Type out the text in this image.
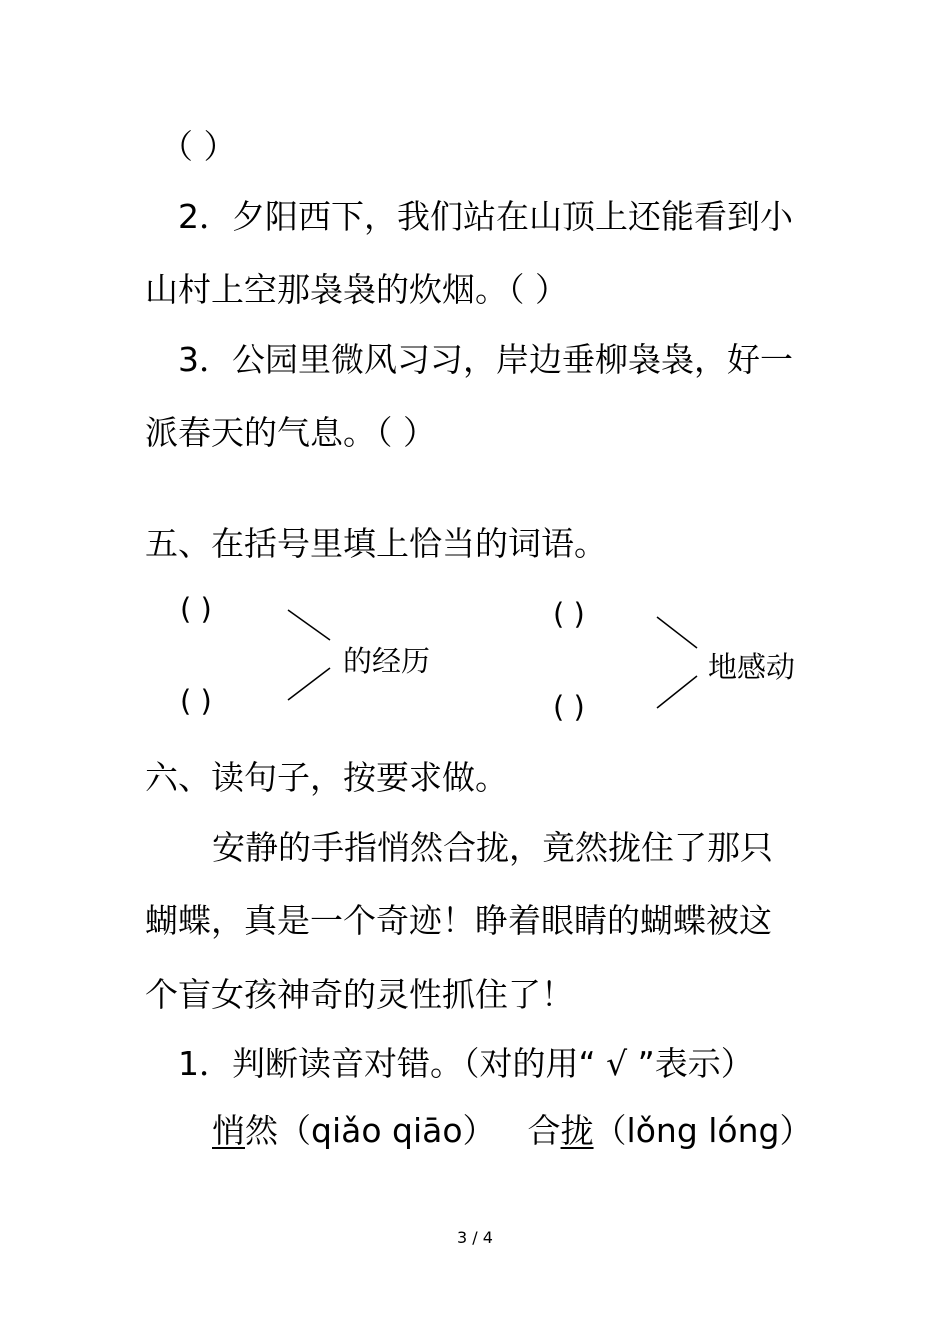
（ ）
2．夕阳西下，我们站在山顶上还能看到小
山村上空那袅袅的炊烟。（ ）
3．公园里微风习习，岸边垂柳袅袅，好一
派春天的气息。（ ）
五、在括号里填上恰当的词语。
( )
( )
的经历
( )
( )
地感动
六、读句子，按要求做。
安静的手指悄然合拢，竟然拢住了那只
蝴蝶，真是一个奇迹！睁着眼睛的蝴蝶被这
个盲女孩神奇的灵性抓住了！
1．判断读音对错。（对的用“ √ ”表示）
悄然（qiǎo qiāo） 合拢（lǒng lóng）
3 / 4
